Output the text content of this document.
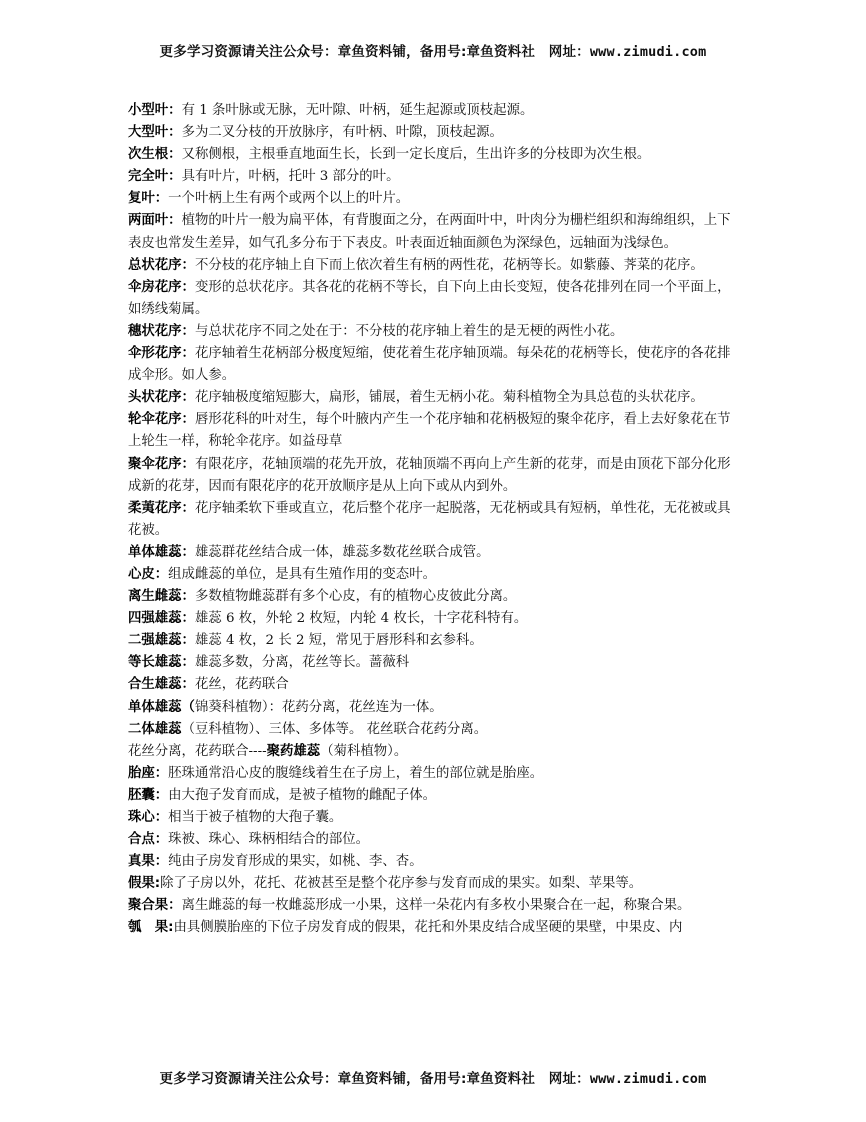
更多学习资源请关注公众号：章鱼资料铺，备用号:章鱼资料社　网址：www.zimudi.com

小型叶：有 1 条叶脉或无脉，无叶隙、叶柄，延生起源或顶枝起源。

大型叶：多为二叉分枝的开放脉序，有叶柄、叶隙，顶枝起源。

次生根：又称侧根，主根垂直地面生长，长到一定长度后，生出许多的分枝即为次生根。

完全叶：具有叶片，叶柄，托叶 3 部分的叶。

复叶：一个叶柄上生有两个或两个以上的叶片。

两面叶：植物的叶片一般为扁平体，有背腹面之分，在两面叶中，叶肉分为栅栏组织和海绵组织，上下表皮也常发生差异，如气孔多分布于下表皮。叶表面近轴面颜色为深绿色，远轴面为浅绿色。

总状花序：不分枝的花序轴上自下而上依次着生有柄的两性花，花柄等长。如紫藤、荠菜的花序。

伞房花序：变形的总状花序。其各花的花柄不等长，自下向上由长变短，使各花排列在同一个平面上，如绣线菊属。

穗状花序：与总状花序不同之处在于：不分枝的花序轴上着生的是无梗的两性小花。

伞形花序：花序轴着生花柄部分极度短缩，使花着生花序轴顶端。每朵花的花柄等长，使花序的各花排成伞形。如人参。

头状花序：花序轴极度缩短膨大，扁形，铺展，着生无柄小花。菊科植物全为具总苞的头状花序。

轮伞花序：唇形花科的叶对生，每个叶腋内产生一个花序轴和花柄极短的聚伞花序，看上去好象花在节上轮生一样，称轮伞花序。如益母草

聚伞花序：有限花序，花轴顶端的花先开放，花轴顶端不再向上产生新的花芽，而是由顶花下部分化形成新的花芽，因而有限花序的花开放顺序是从上向下或从内到外。

柔荑花序：花序轴柔软下垂或直立，花后整个花序一起脱落，无花柄或具有短柄，单性花，无花被或具花被。

单体雄蕊：雄蕊群花丝结合成一体，雄蕊多数花丝联合成管。

心皮：组成雌蕊的单位，是具有生殖作用的变态叶。

离生雌蕊：多数植物雌蕊群有多个心皮，有的植物心皮彼此分离。

四强雄蕊：雄蕊 6 枚，外轮 2 枚短，内轮 4 枚长，十字花科特有。

二强雄蕊：雄蕊 4 枚，2 长 2 短，常见于唇形科和玄参科。

等长雄蕊：雄蕊多数，分离，花丝等长。蔷薇科

合生雄蕊：花丝，花药联合

单体雄蕊（锦葵科植物）：花药分离，花丝连为一体。

二体雄蕊（豆科植物）、三体、多体等。 花丝联合花药分离。

花丝分离，花药联合----聚药雄蕊（菊科植物）。

胎座：胚珠通常沿心皮的腹缝线着生在子房上，着生的部位就是胎座。

胚囊：由大孢子发育而成，是被子植物的雌配子体。

珠心：相当于被子植物的大孢子囊。

合点：珠被、珠心、珠柄相结合的部位。

真果：纯由子房发育形成的果实，如桃、李、杏。

假果:除了子房以外，花托、花被甚至是整个花序参与发育而成的果实。如梨、苹果等。

聚合果：离生雌蕊的每一枚雌蕊形成一小果，这样一朵花内有多枚小果聚合在一起，称聚合果。

瓠　果:由具侧膜胎座的下位子房发育成的假果，花托和外果皮结合成坚硬的果壁，中果皮、内

更多学习资源请关注公众号：章鱼资料铺，备用号:章鱼资料社　网址：www.zimudi.com
